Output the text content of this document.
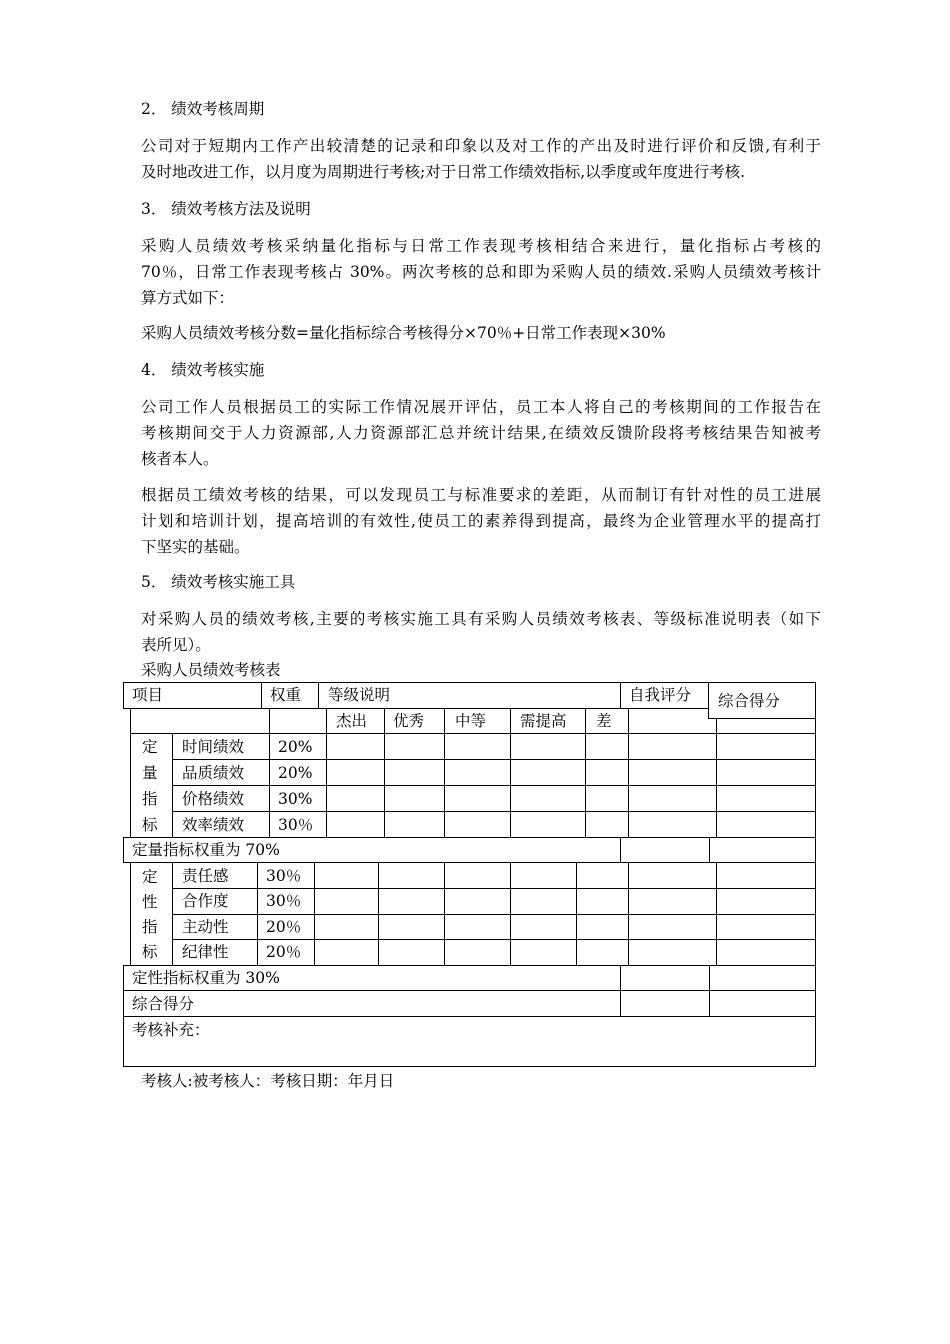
2． 绩效考核周期
公司对于短期内工作产出较清楚的记录和印象以及对工作的产出及时进行评价和反馈,有利于
及时地改进工作，以月度为周期进行考核;对于日常工作绩效指标,以季度或年度进行考核.
3． 绩效考核方法及说明
采购人员绩效考核采纳量化指标与日常工作表现考核相结合来进行，量化指标占考核的
70％，日常工作表现考核占 30%。两次考核的总和即为采购人员的绩效.采购人员绩效考核计
算方式如下：
采购人员绩效考核分数=量化指标综合考核得分×70％+日常工作表现×30%
4． 绩效考核实施
公司工作人员根据员工的实际工作情况展开评估，员工本人将自己的考核期间的工作报告在
考核期间交于人力资源部,人力资源部汇总并统计结果,在绩效反馈阶段将考核结果告知被考
核者本人。
根据员工绩效考核的结果，可以发现员工与标准要求的差距，从而制订有针对性的员工进展
计划和培训计划，提高培训的有效性,使员工的素养得到提高，最终为企业管理水平的提高打
下坚实的基础。
5． 绩效考核实施工具
对采购人员的绩效考核,主要的考核实施工具有采购人员绩效考核表、等级标准说明表（如下
表所见）。
采购人员绩效考核表
项目	权重 等级说明	自我评分 综合得分
杰出 优秀 中等 需提高 差
定
量
指
标
时间绩效 20%
品质绩效 20%
价格绩效 30%
效率绩效 30％
定量指标权重为 70%
定
性
指
标
责任感 30％
合作度 30％
主动性 20％
纪律性 20％
定性指标权重为 30%
综合得分
考核补充：
考核人:被考核人：考核日期：年月日
